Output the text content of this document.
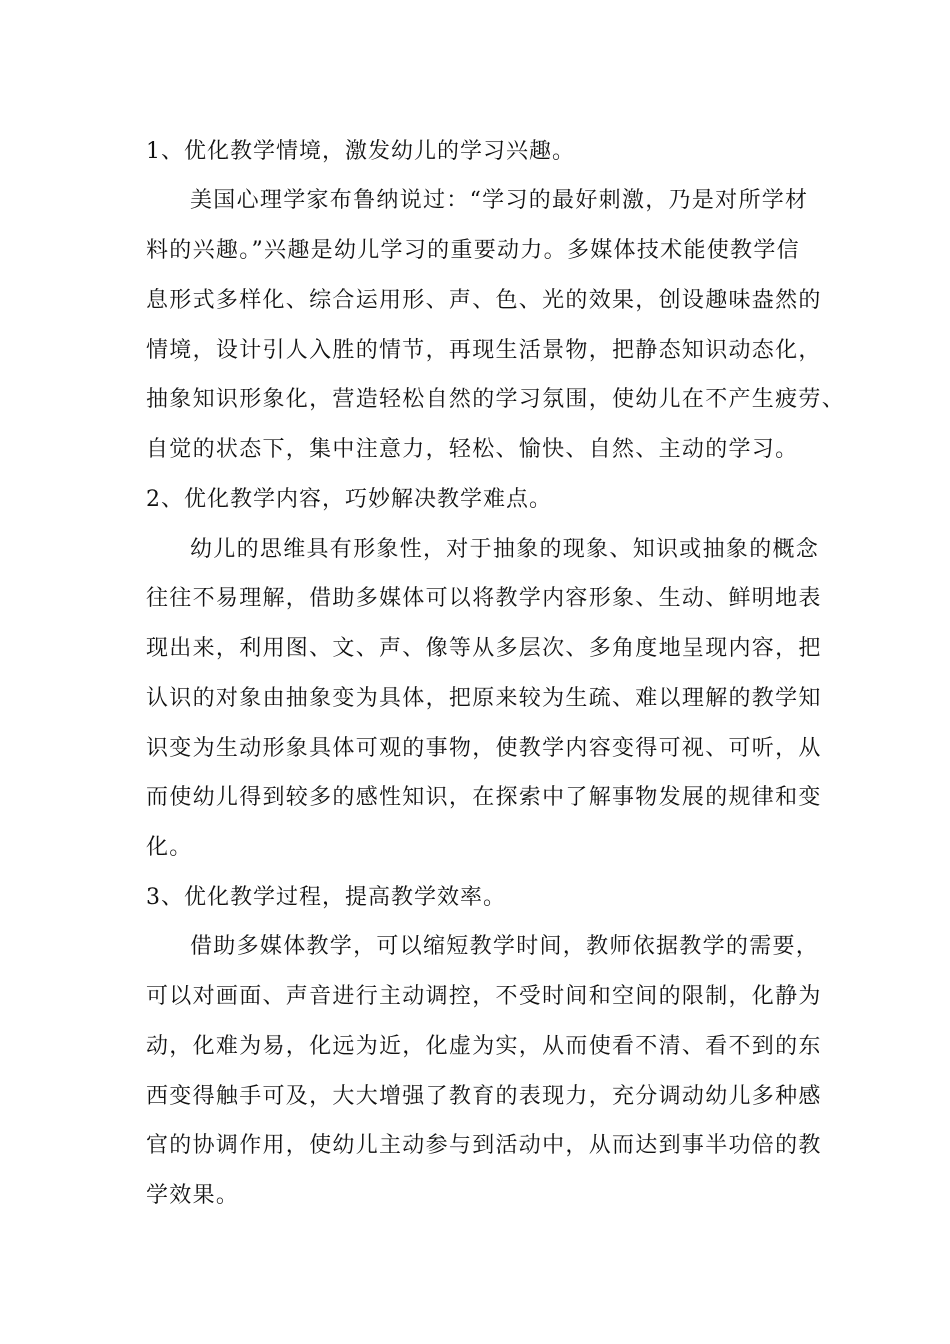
1、优化教学情境，激发幼儿的学习兴趣。

美国心理学家布鲁纳说过：“学习的最好刺激，乃是对所学材

料的兴趣。”兴趣是幼儿学习的重要动力。多媒体技术能使教学信

息形式多样化、综合运用形、声、色、光的效果，创设趣味盎然的

情境，设计引人入胜的情节，再现生活景物，把静态知识动态化，

抽象知识形象化，营造轻松自然的学习氛围，使幼儿在不产生疲劳、

自觉的状态下，集中注意力，轻松、愉快、自然、主动的学习。

2、优化教学内容，巧妙解决教学难点。

幼儿的思维具有形象性，对于抽象的现象、知识或抽象的概念

往往不易理解，借助多媒体可以将教学内容形象、生动、鲜明地表

现出来，利用图、文、声、像等从多层次、多角度地呈现内容，把

认识的对象由抽象变为具体，把原来较为生疏、难以理解的教学知

识变为生动形象具体可观的事物，使教学内容变得可视、可听，从

而使幼儿得到较多的感性知识，在探索中了解事物发展的规律和变

化。

3、优化教学过程，提高教学效率。

借助多媒体教学，可以缩短教学时间，教师依据教学的需要，

可以对画面、声音进行主动调控，不受时间和空间的限制，化静为

动，化难为易，化远为近，化虚为实，从而使看不清、看不到的东

西变得触手可及，大大增强了教育的表现力，充分调动幼儿多种感

官的协调作用，使幼儿主动参与到活动中，从而达到事半功倍的教

学效果。
